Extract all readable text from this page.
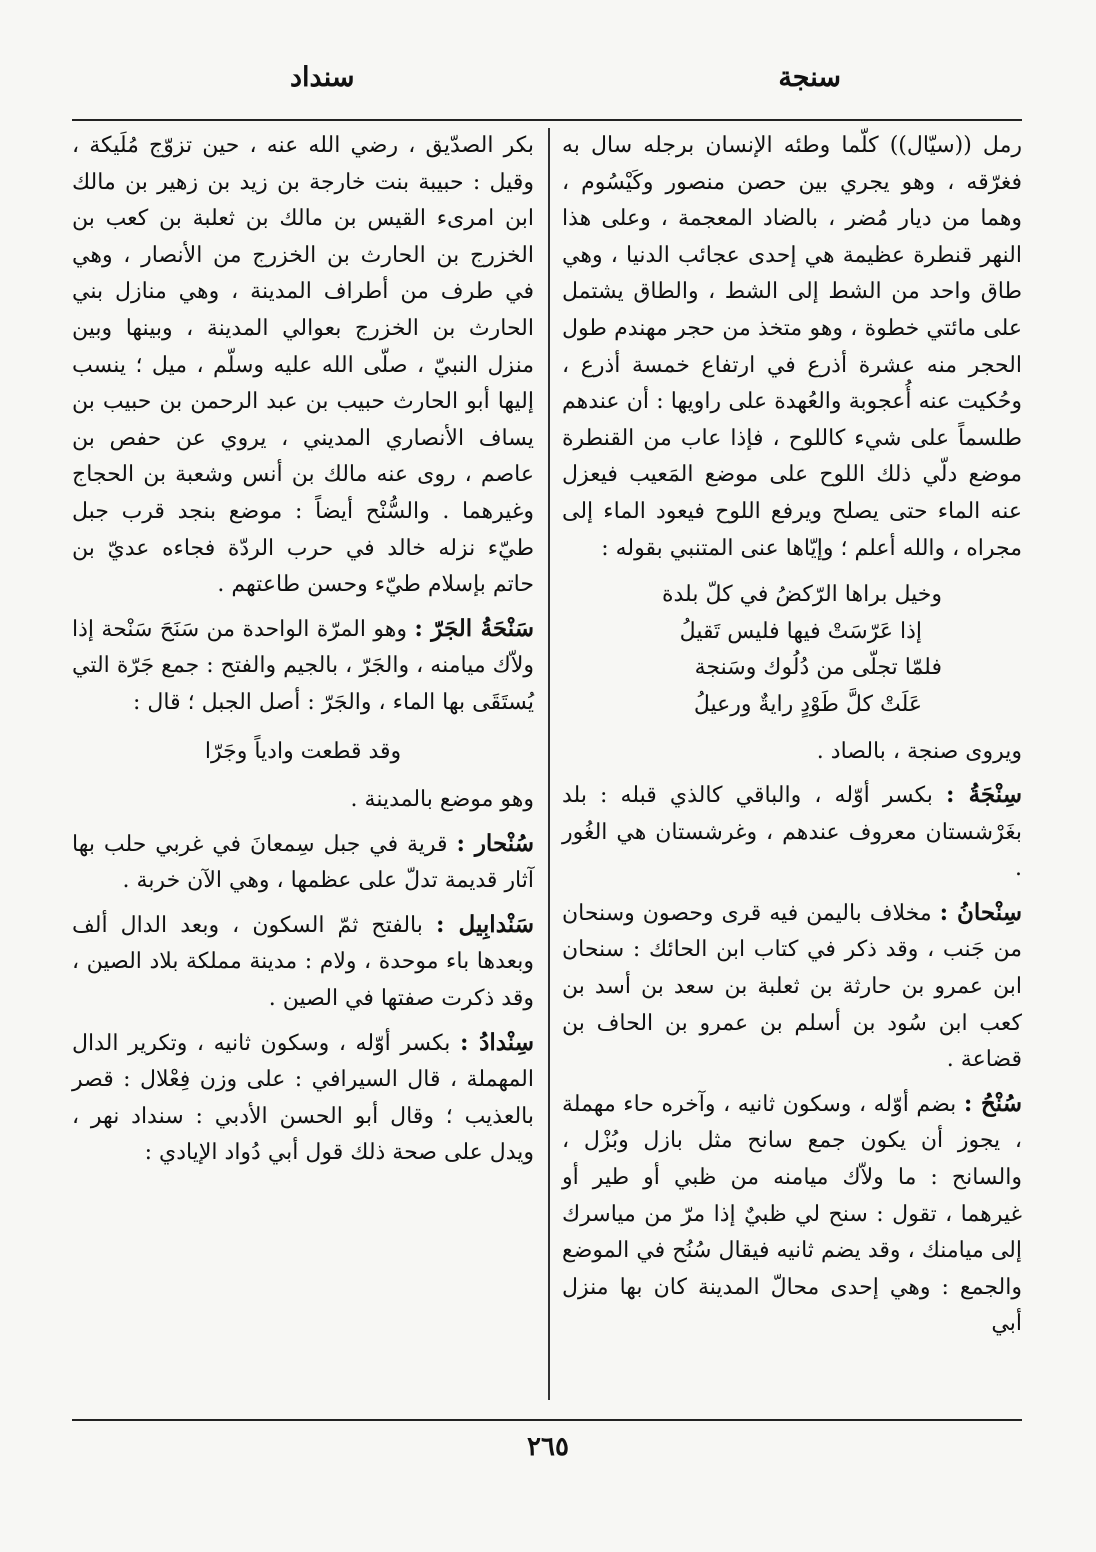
سنجة
سنداد

رمل ((سيّال)) كلّما وطئه الإنسان برجله سال به فغرّقه ، وهو يجري بين حصن منصور وكَيْسُوم ، وهما من ديار مُضر ، بالضاد المعجمة ، وعلى هذا النهر قنطرة عظيمة هي إحدى عجائب الدنيا ، وهي طاق واحد من الشط إلى الشط ، والطاق يشتمل على مائتي خطوة ، وهو متخذ من حجر مهندم طول الحجر منه عشرة أذرع في ارتفاع خمسة أذرع ، وحُكيت عنه أُعجوبة والعُهدة على راويها : أن عندهم طلسماً على شيء كاللوح ، فإذا عاب من القنطرة موضع دلّي ذلك اللوح على موضع المَعيب فيعزل عنه الماء حتى يصلح ويرفع اللوح فيعود الماء إلى مجراه ، والله أعلم ؛ وإيّاها عنى المتنبي بقوله :

وخيل براها الرّكضُ في كلّ بلدة
إذا عَرّسَتْ فيها فليس تَقيلُ
فلمّا تجلّى من دُلُوك وسَنجة
عَلَتْ كلَّ طَوْدٍ رايةٌ ورعيلُ

ويروى صنجة ، بالصاد .

سِنْجَةُ : بكسر أوّله ، والباقي كالذي قبله : بلد بغَرْشستان معروف عندهم ، وغرشستان هي الغُور .

سِنْحانُ : مخلاف باليمن فيه قرى وحصون وسنحان من جَنب ، وقد ذكر في كتاب ابن الحائك : سنحان ابن عمرو بن حارثة بن ثعلبة بن سعد بن أسد بن كعب ابن سُود بن أسلم بن عمرو بن الحاف بن قضاعة .

سُنْحُ : بضم أوّله ، وسكون ثانيه ، وآخره حاء مهملة ، يجوز أن يكون جمع سانح مثل بازل وبُزْل ، والسانح : ما ولاّك ميامنه من ظبي أو طير أو غيرهما ، تقول : سنح لي ظبيٌ إذا مرّ من مياسرك إلى ميامنك ، وقد يضم ثانيه فيقال سُنُح في الموضع والجمع : وهي إحدى محالّ المدينة كان بها منزل أبي

بكر الصدّيق ، رضي الله عنه ، حين تزوّج مُلَيكة ، وقيل : حبيبة بنت خارجة بن زيد بن زهير بن مالك ابن امرىء القيس بن مالك بن ثعلبة بن كعب بن الخزرج بن الحارث بن الخزرج من الأنصار ، وهي في طرف من أطراف المدينة ، وهي منازل بني الحارث بن الخزرج بعوالي المدينة ، وبينها وبين منزل النبيّ ، صلّى الله عليه وسلّم ، ميل ؛ ينسب إليها أبو الحارث حبيب بن عبد الرحمن بن حبيب بن يساف الأنصاري المديني ، يروي عن حفص بن عاصم ، روى عنه مالك بن أنس وشعبة بن الحجاج وغيرهما . والسُّنْح أيضاً : موضع بنجد قرب جبل طيّء نزله خالد في حرب الردّة فجاءه عديّ بن حاتم بإسلام طيّء وحسن طاعتهم .

سَنْحَةُ الجَرّ : وهو المرّة الواحدة من سَنَحَ سَنْحة إذا ولاّك ميامنه ، والجَرّ ، بالجيم والفتح : جمع جَرّة التي يُستَقَى بها الماء ، والجَرّ : أصل الجبل ؛ قال :

وقد قطعت وادياً وجَرّا

وهو موضع بالمدينة .

سُنْحار : قرية في جبل سِمعانَ في غربي حلب بها آثار قديمة تدلّ على عظمها ، وهي الآن خربة .

سَنْدابِيل : بالفتح ثمّ السكون ، وبعد الدال ألف وبعدها باء موحدة ، ولام : مدينة مملكة بلاد الصين ، وقد ذكرت صفتها في الصين .

سِنْدادُ : بكسر أوّله ، وسكون ثانيه ، وتكرير الدال المهملة ، قال السيرافي : على وزن فِعْلال : قصر بالعذيب ؛ وقال أبو الحسن الأدبي : سنداد نهر ، ويدل على صحة ذلك قول أبي دُواد الإيادي :

٢٦٥
